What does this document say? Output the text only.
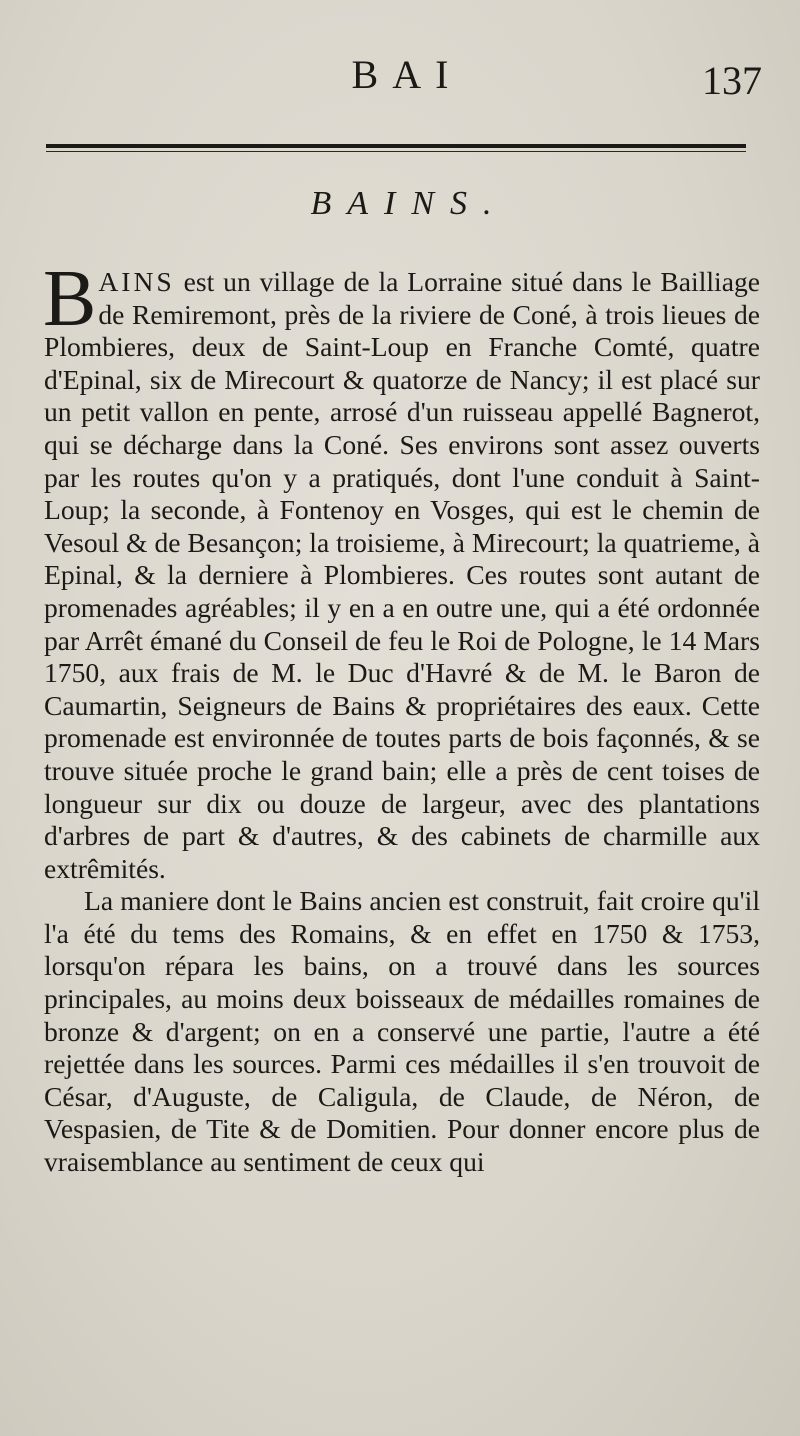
BAI	137
BAINS.

BAINS est un village de la Lorraine situé dans le Bailliage de Remiremont, près de la riviere de Coné, à trois lieues de Plombieres, deux de Saint-Loup en Franche Comté, quatre d'Epinal, six de Mirecourt & quatorze de Nancy; il est placé sur un petit vallon en pente, arrosé d'un ruisseau appellé Bagnerot, qui se décharge dans la Coné. Ses environs sont assez ouverts par les routes qu'on y a pratiqués, dont l'une conduit à Saint-Loup; la seconde, à Fontenoy en Vosges, qui est le chemin de Vesoul & de Besançon; la troisieme, à Mirecourt; la quatrieme, à Epinal, & la derniere à Plombieres. Ces routes sont autant de promenades agréables; il y en a en outre une, qui a été ordonnée par Arrêt émané du Conseil de feu le Roi de Pologne, le 14 Mars 1750, aux frais de M. le Duc d'Havré & de M. le Baron de Caumartin, Seigneurs de Bains & propriétaires des eaux. Cette promenade est environnée de toutes parts de bois façonnés, & se trouve située proche le grand bain; elle a près de cent toises de longueur sur dix ou douze de largeur, avec des plantations d'arbres de part & d'autres, & des cabinets de charmille aux extrêmités.

La maniere dont le Bains ancien est construit, fait croire qu'il l'a été du tems des Romains, & en effet en 1750 & 1753, lorsqu'on répara les bains, on a trouvé dans les sources principales, au moins deux boisseaux de médailles romaines de bronze & d'argent; on en a conservé une partie, l'autre a été rejettée dans les sources. Parmi ces médailles il s'en trouvoit de César, d'Auguste, de Caligula, de Claude, de Néron, de Vespasien, de Tite & de Domitien. Pour donner encore plus de vraisemblance au sentiment de ceux qui
